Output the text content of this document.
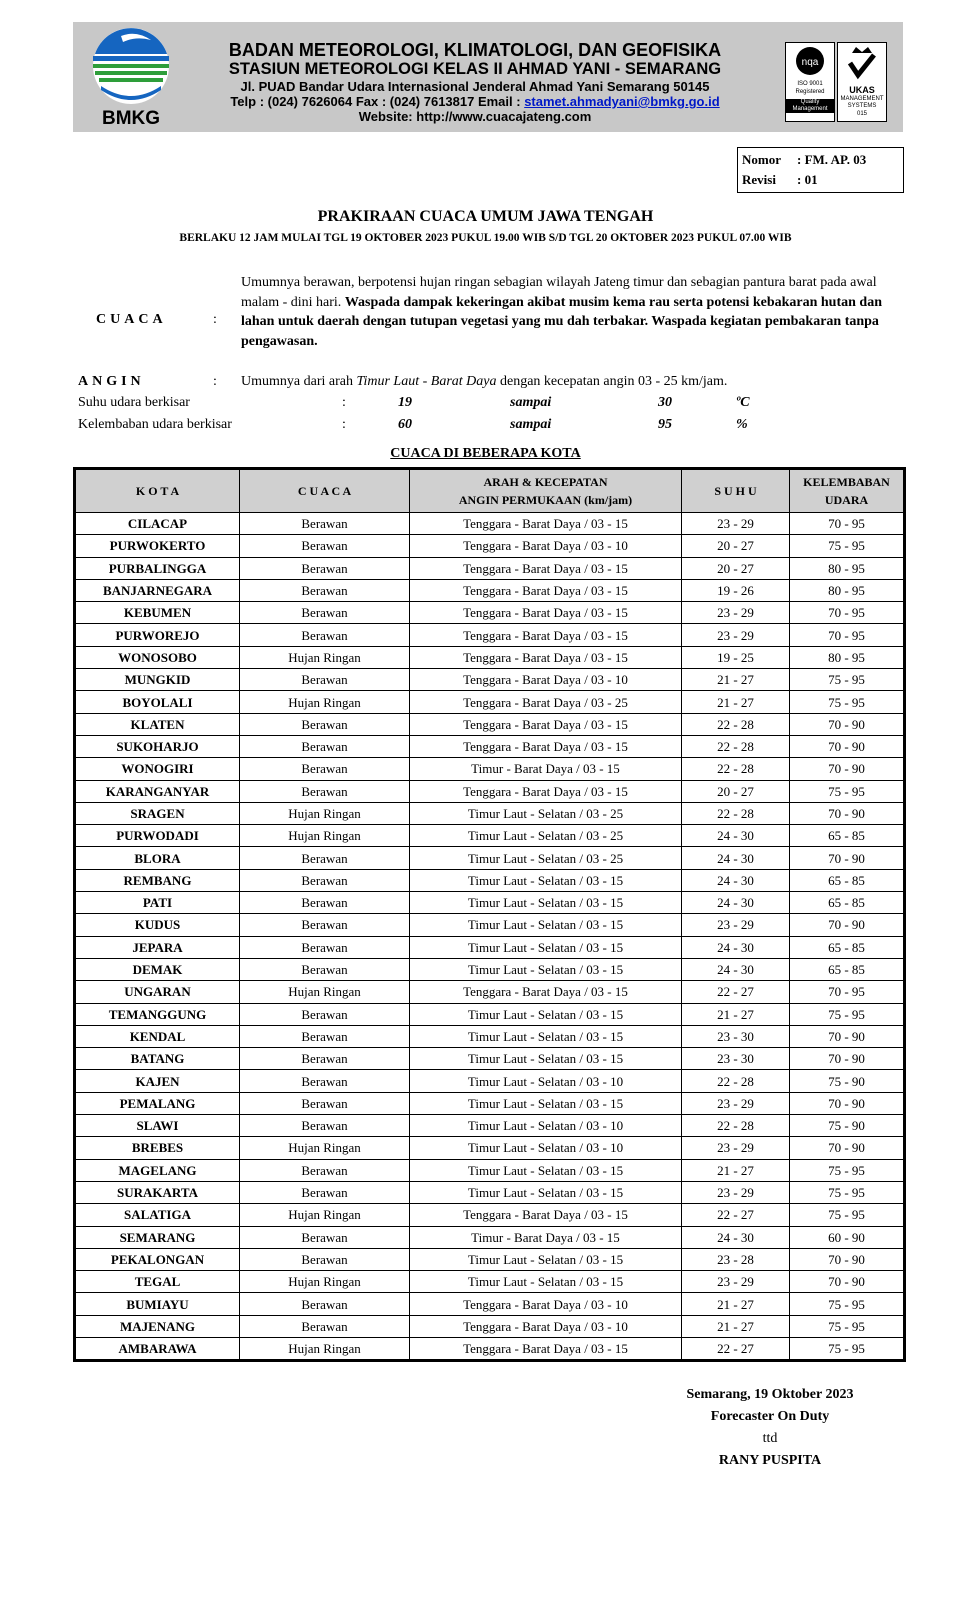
BMKG
BADAN METEOROLOGI, KLIMATOLOGI, DAN GEOFISIKA
STASIUN METEOROLOGI KELAS II AHMAD YANI - SEMARANG
Jl. PUAD Bandar Udara Internasional Jenderal Ahmad Yani Semarang 50145
Telp : (024) 7626064 Fax : (024) 7613817 Email : stamet.ahmadyani@bmkg.go.id
Website: http://www.cuacajateng.com
nqa
ISO 9001
Registered
Quality
Management
UKAS
MANAGEMENT
SYSTEMS
015
Nomor : FM. AP. 03
Revisi : 01
PRAKIRAAN CUACA UMUM JAWA TENGAH
BERLAKU 12 JAM MULAI TGL 19 OKTOBER 2023 PUKUL 19.00 WIB S/D TGL 20 OKTOBER 2023 PUKUL 07.00 WIB
CUACA	:
Umumnya berawan, berpotensi hujan ringan sebagian wilayah Jateng timur dan sebagian pantura barat pada awal malam - dini hari. Waspada dampak kekeringan akibat musim kema rau serta potensi kebakaran hutan dan lahan untuk daerah dengan tutupan vegetasi yang mu dah terbakar. Waspada kegiatan pembakaran tanpa pengawasan.
ANGIN	: Umumnya dari arah Timur Laut - Barat Daya dengan kecepatan angin 03 - 25 km/jam.
Suhu udara berkisar	:	19	sampai	30	ºC
Kelembaban udara berkisar	:	60	sampai	95	%
CUACA DI BEBERAPA KOTA
K O T A	C U A C A	ARAH & KECEPATAN
ANGIN PERMUKAAN (km/jam)	S U H U	KELEMBABAN
UDARA
CILACAP	Berawan	Tenggara - Barat Daya / 03 - 15	23 - 29	70 - 95
PURWOKERTO	Berawan	Tenggara - Barat Daya / 03 - 10	20 - 27	75 - 95
PURBALINGGA	Berawan	Tenggara - Barat Daya / 03 - 15	20 - 27	80 - 95
BANJARNEGARA	Berawan	Tenggara - Barat Daya / 03 - 15	19 - 26	80 - 95
KEBUMEN	Berawan	Tenggara - Barat Daya / 03 - 15	23 - 29	70 - 95
PURWOREJO	Berawan	Tenggara - Barat Daya / 03 - 15	23 - 29	70 - 95
WONOSOBO	Hujan Ringan	Tenggara - Barat Daya / 03 - 15	19 - 25	80 - 95
MUNGKID	Berawan	Tenggara - Barat Daya / 03 - 10	21 - 27	75 - 95
BOYOLALI	Hujan Ringan	Tenggara - Barat Daya / 03 - 25	21 - 27	75 - 95
KLATEN	Berawan	Tenggara - Barat Daya / 03 - 15	22 - 28	70 - 90
SUKOHARJO	Berawan	Tenggara - Barat Daya / 03 - 15	22 - 28	70 - 90
WONOGIRI	Berawan	Timur - Barat Daya / 03 - 15	22 - 28	70 - 90
KARANGANYAR	Berawan	Tenggara - Barat Daya / 03 - 15	20 - 27	75 - 95
SRAGEN	Hujan Ringan	Timur Laut - Selatan / 03 - 25	22 - 28	70 - 90
PURWODADI	Hujan Ringan	Timur Laut - Selatan / 03 - 25	24 - 30	65 - 85
BLORA	Berawan	Timur Laut - Selatan / 03 - 25	24 - 30	70 - 90
REMBANG	Berawan	Timur Laut - Selatan / 03 - 15	24 - 30	65 - 85
PATI	Berawan	Timur Laut - Selatan / 03 - 15	24 - 30	65 - 85
KUDUS	Berawan	Timur Laut - Selatan / 03 - 15	23 - 29	70 - 90
JEPARA	Berawan	Timur Laut - Selatan / 03 - 15	24 - 30	65 - 85
DEMAK	Berawan	Timur Laut - Selatan / 03 - 15	24 - 30	65 - 85
UNGARAN	Hujan Ringan	Tenggara - Barat Daya / 03 - 15	22 - 27	70 - 95
TEMANGGUNG	Berawan	Timur Laut - Selatan / 03 - 15	21 - 27	75 - 95
KENDAL	Berawan	Timur Laut - Selatan / 03 - 15	23 - 30	70 - 90
BATANG	Berawan	Timur Laut - Selatan / 03 - 15	23 - 30	70 - 90
KAJEN	Berawan	Timur Laut - Selatan / 03 - 10	22 - 28	75 - 90
PEMALANG	Berawan	Timur Laut - Selatan / 03 - 15	23 - 29	70 - 90
SLAWI	Berawan	Timur Laut - Selatan / 03 - 10	22 - 28	75 - 90
BREBES	Hujan Ringan	Timur Laut - Selatan / 03 - 10	23 - 29	70 - 90
MAGELANG	Berawan	Timur Laut - Selatan / 03 - 15	21 - 27	75 - 95
SURAKARTA	Berawan	Timur Laut - Selatan / 03 - 15	23 - 29	75 - 95
SALATIGA	Hujan Ringan	Tenggara - Barat Daya / 03 - 15	22 - 27	75 - 95
SEMARANG	Berawan	Timur - Barat Daya / 03 - 15	24 - 30	60 - 90
PEKALONGAN	Berawan	Timur Laut - Selatan / 03 - 15	23 - 28	70 - 90
TEGAL	Hujan Ringan	Timur Laut - Selatan / 03 - 15	23 - 29	70 - 90
BUMIAYU	Berawan	Tenggara - Barat Daya / 03 - 10	21 - 27	75 - 95
MAJENANG	Berawan	Tenggara - Barat Daya / 03 - 10	21 - 27	75 - 95
AMBARAWA	Hujan Ringan	Tenggara - Barat Daya / 03 - 15	22 - 27	75 - 95
Semarang, 19 Oktober 2023
Forecaster On Duty
ttd
RANY PUSPITA
